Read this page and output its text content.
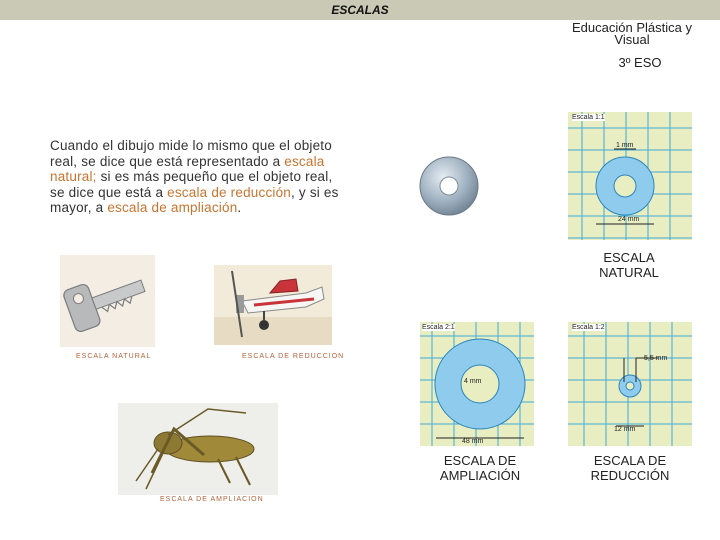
ESCALAS
Educación Plástica y Visual
3º ESO
Cuando el dibujo mide lo mismo que el objeto real, se dice que está representado a escala natural; si es más pequeño que el objeto real, se dice que está a escala de reducción, y si es mayor, a escala de ampliación.
ESCALA NATURAL	ESCALA DE REDUCCION
ESCALA DE AMPLIACION
Escala 1:1
1 mm
24 mm
ESCALA NATURAL
Escala 2:1
4 mm
48 mm
ESCALA DE AMPLIACIÓN
Escala 1:2
5,5 mm
12 mm
ESCALA DE REDUCCIÓN
